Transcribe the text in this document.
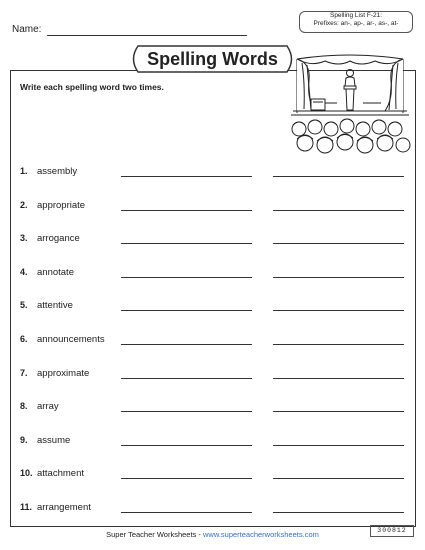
Name:
Spelling List F-21:
Prefixes: an-, ap-, ar-, as-, at-
Spelling Words
Write each spelling word two times.
1. assembly
2. appropriate
3. arrogance
4. annotate
5. attentive
6. announcements
7. approximate
8. array
9. assume
10. attachment
11. arrangement
Super Teacher Worksheets - www.superteacherworksheets.com	300812
